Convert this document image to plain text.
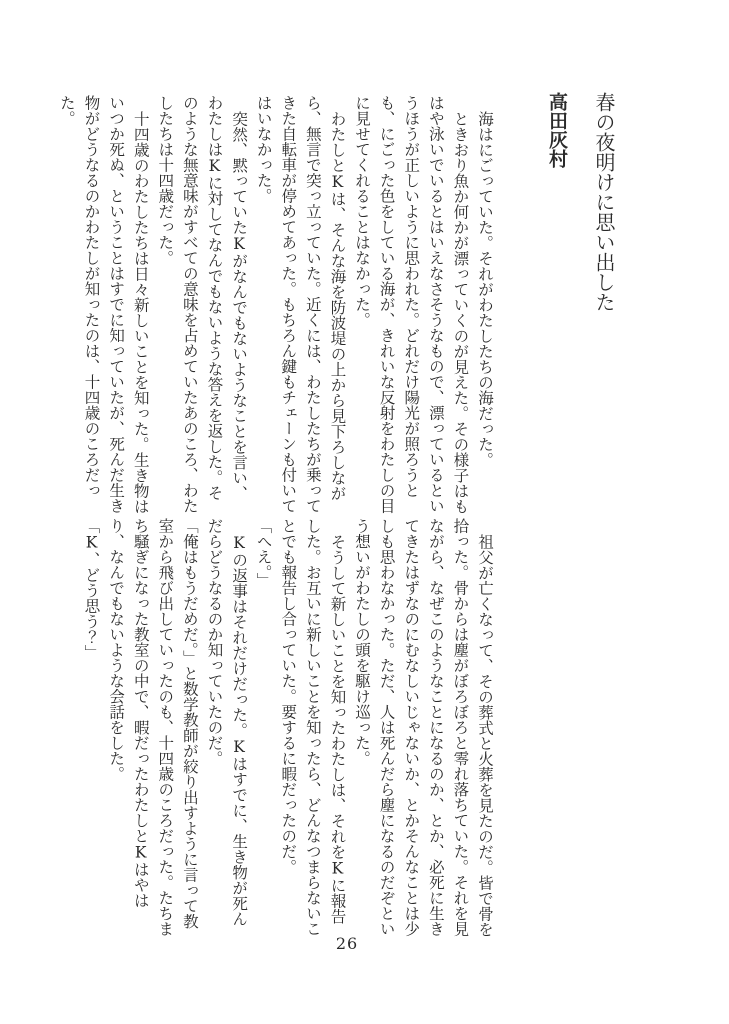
春の夜明けに思い出した
高田灰村

海はにごっていた。それがわたしたちの海だった。

ときおり魚か何かが漂っていくのが見えた。その様子はもはや泳いでいるとはいえなさそうなもので、漂っているというほうが正しいように思われた。どれだけ陽光が照ろうとも、にごった色をしている海が、きれいな反射をわたしの目に見せてくれることはなかった。

わたしとKは、そんな海を防波堤の上から見下ろしながら、無言で突っ立っていた。近くには、わたしたちが乗ってきた自転車が停めてあった。もちろん鍵もチェーンも付いてはいなかった。

突然、黙っていたKがなんでもないようなことを言い、わたしはKに対してなんでもないような答えを返した。そのような無意味がすべての意味を占めていたあのころ、わたしたちは十四歳だった。

十四歳のわたしたちは日々新しいことを知った。生き物はいつか死ぬ、ということはすでに知っていたが、死んだ生き物がどうなるのかわたしが知ったのは、十四歳のころだった。

祖父が亡くなって、その葬式と火葬を見たのだ。皆で骨を拾った。骨からは塵がぼろぼろと零れ落ちていた。それを見ながら、なぜこのようなことになるのか、とか、必死に生きてきたはずなのにむなしいじゃないか、とかそんなことは少しも思わなかった。ただ、人は死んだら塵になるのだぞという想いがわたしの頭を駆け巡った。

そうして新しいことを知ったわたしは、それをKに報告した。お互いに新しいことを知ったら、どんなつまらないことでも報告し合っていた。要するに暇だったのだ。

「へえ。」

Kの返事はそれだけだった。Kはすでに、生き物が死んだらどうなるのか知っていたのだ。

「俺はもうだめだ。」と数学教師が絞り出すように言って教室から飛び出していったのも、十四歳のころだった。たちまち騒ぎになった教室の中で、暇だったわたしとKはやはり、なんでもないような会話をした。

「K、どう思う？」

26
